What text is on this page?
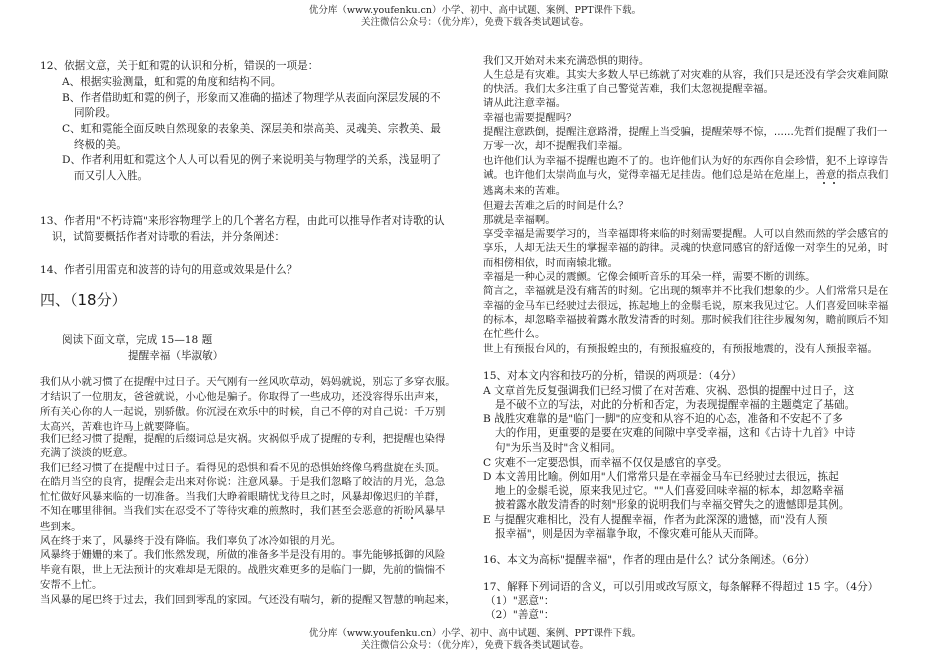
优分库（www.youfenku.cn）小学、初中、高中试题、案例、PPT课件下载。
关注微信公众号：（优分库），免费下载各类试题试卷。
12、依据文意，关于虹和霓的认识和分析，错误的一项是：
A、根据实验测量，虹和霓的角度和结构不同。
B、作者借助虹和霓的例子，形象而又准确的描述了物理学从表面向深层发展的不
同阶段。
C、虹和霓能全面反映自然现象的表象美、深层美和崇高美、灵魂美、宗教美、最
终极的美。
D、作者利用虹和霓这个人人可以看见的例子来说明美与物理学的关系，浅显明了
而又引人入胜。
13、作者用"不朽诗篇"来形容物理学上的几个著名方程，由此可以推导作者对诗歌的认
识，试简要概括作者对诗歌的看法，并分条阐述：
14、作者引用雷克和波菩的诗句的用意或效果是什么？
四、（18分）
阅读下面文章，完成 15—18 题
提醒幸福（毕淑敏）
我们从小就习惯了在提醒中过日子。天气刚有一丝风吹草动，妈妈就说，别忘了多穿衣服。
才结识了一位朋友，爸爸就说，小心他是骗子。你取得了一些成功，还没容得乐出声来，
所有关心你的人一起说，别骄傲。你沉浸在欢乐中的时候，自己不停的对自己说：千万别
太高兴，苦难也许马上就要降临。
我们已经习惯了提醒，提醒的后缀词总是灾祸。灾祸似乎成了提醒的专利，把提醒也染得
充满了淡淡的贬意。
我们已经习惯了在提醒中过日子。看得见的恐惧和看不见的恐惧始终像乌鸦盘旋在头顶。
在皓月当空的良宵，提醒会走出来对你说：注意风暴。于是我们忽略了皎洁的月光，急急
忙忙做好风暴来临的一切准备。当我们大睁着眼睛忧戈待旦之时，风暴却像迟归的羊群，
不知在哪里徘徊。当我们实在忍受不了等待灾难的煎熬时，我们甚至会恶意的祈盼风暴早
些到来。
风在终于来了，风暴终于没有降临。我们辜负了冰冷如银的月光。
风暴终于姗姗的来了。我们怅然发现，所做的准备多半是没有用的。事先能够抵御的风险
毕竟有限，世上无法预计的灾难却是无限的。战胜灾难更多的是临门一脚，先前的惴惴不
安帮不上忙。
当风暴的尾巴终于过去，我们回到零乱的家园。气还没有喘匀，新的提醒又智慧的响起来，
我们又开始对未来充满恐惧的期待。
人生总是有灾难。其实大多数人早已练就了对灾难的从容，我们只是还没有学会灾难间隙
的快活。我们太多注重了自己警觉苦难，我们太忽视提醒幸福。
请从此注意幸福。
幸福也需要提醒吗？
提醒注意跌倒，提醒注意路滑，提醒上当受骗，提醒荣辱不惊，......先哲们提醒了我们一
万零一次，却不提醒我们幸福。
也许他们认为幸福不提醒也跑不了的。也许他们认为好的东西你自会珍惜，犯不上谆谆告
诫。也许他们太崇尚血与火，觉得幸福无足挂齿。他们总是站在危崖上，善意的指点我们
逃离未来的苦难。
但避去苦难之后的时间是什么？
那就是幸福啊。
享受幸福是需要学习的，当幸福即将来临的时刻需要提醒。人可以自然而然的学会感官的
享乐，人却无法天生的掌握幸福的韵律。灵魂的快意同感官的舒适像一对孪生的兄弟，时
而相傍相依，时而南辕北辙。
幸福是一种心灵的震颤。它像会倾听音乐的耳朵一样，需要不断的训练。
简言之，幸福就是没有痛苦的时刻。它出现的频率并不比我们想象的少。人们常常只是在
幸福的金马车已经驶过去很远，拣起地上的金鬃毛说，原来我见过它。人们喜爱回味幸福
的标本，却忽略幸福披着露水散发清香的时刻。那时候我们往往步履匆匆，瞻前顾后不知
在忙些什么。
世上有预报台风的，有预报蝗虫的，有预报瘟疫的，有预报地震的，没有人预报幸福。
15、对本文内容和技巧的分析，错误的两项是：（4分）
A 文章首先反复强调我们已经习惯了在对苦难、灾祸、恐惧的提醒中过日子，这
是不破不立的写法，对此的分析和否定，为表现提醒幸福的主题奠定了基础。
B 战胜灾难靠的是"临门一脚"的应变和从容不迫的心态，准备和不安起不了多
大的作用，更重要的是要在灾难的间隙中享受幸福，这和《古诗十九首》中诗
句"为乐当及时"含义相同。
C 灾难不一定要恐惧，而幸福不仅仅是感官的享受。
D 本文善用比喻。例如用"人们常常只是在幸福金马车已经驶过去很远，拣起
地上的金鬃毛说，原来我见过它。""人们喜爱回味幸福的标本，却忽略幸福
披着露水散发清香的时刻"形象的说明我们与幸福交臂失之的遗憾即是其例。
E 与提醒灾难相比，没有人提醒幸福，作者为此深深的遗憾，而"没有人预
报幸福"，则是因为幸福靠争取，不像灾难可能从天而降。
16、本文为高标"提醒幸福"，作者的理由是什么？试分条阐述。（6分）
17、解释下列词语的含义，可以引用或改写原文，每条解释不得超过 15 字。（4分）
（1）"恶意"：
（2）"善意"：
优分库（www.youfenku.cn）小学、初中、高中试题、案例、PPT课件下载。
关注微信公众号：（优分库），免费下载各类试题试卷。
